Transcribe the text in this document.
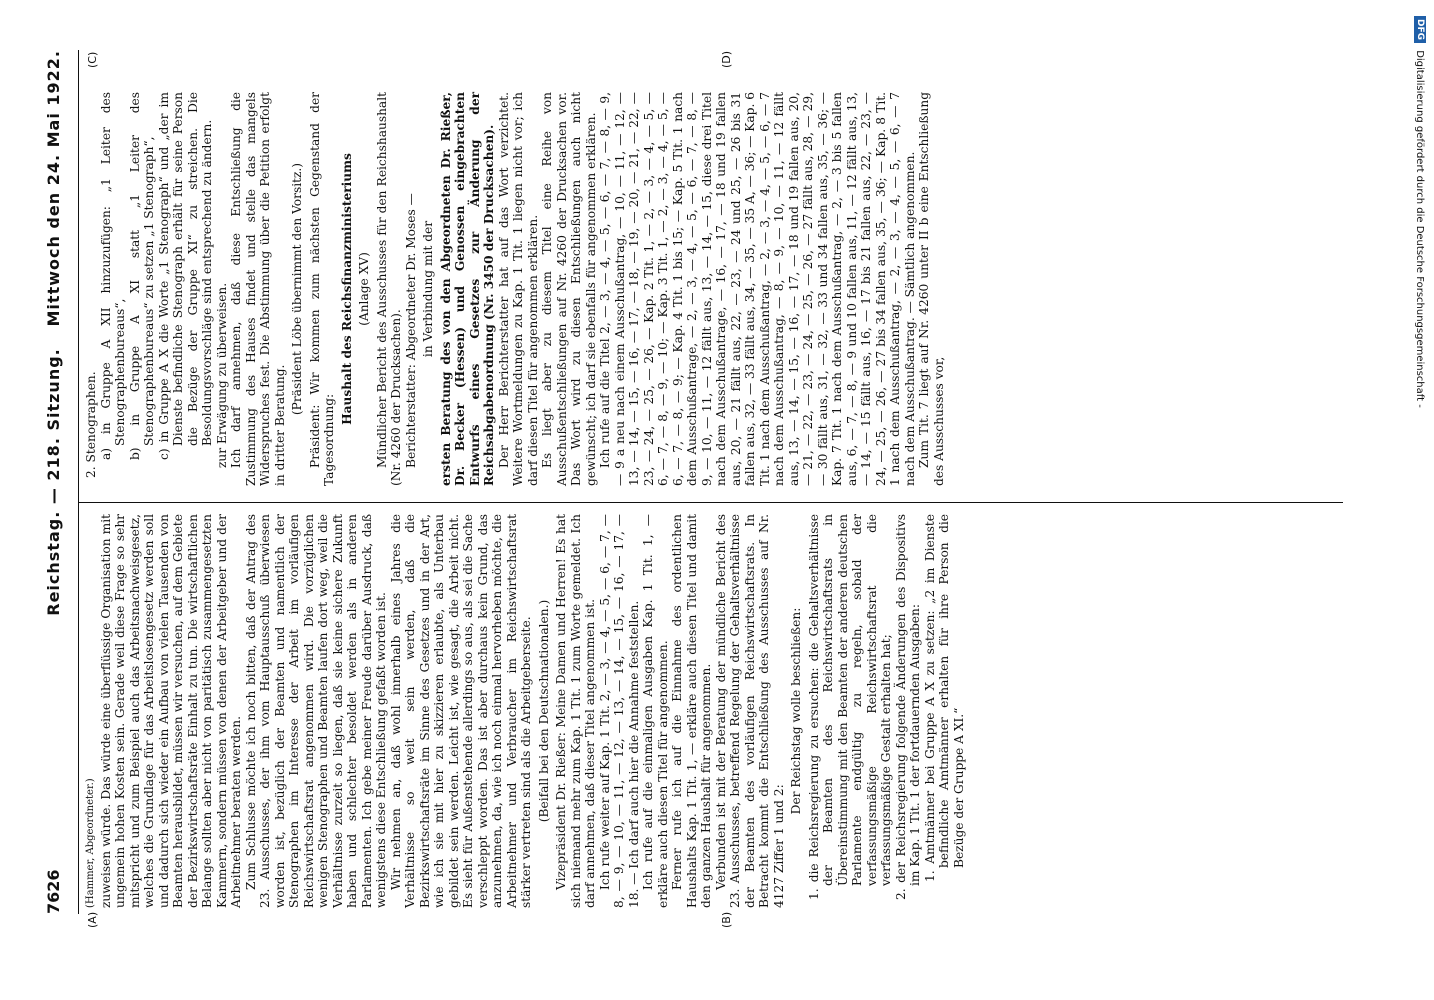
7626
Reichstag. — 218. Sitzung.
Mittwoch den 24. Mai 1922.
(A)	(B)
(C)	(D)

(Hammer, Abgeordneter.) zuweisen würde. Das würde eine überflüssige Organisation mit ungemein hohen Kosten sein. Gerade weil diese Frage so sehr mitspricht und zum Beispiel auch das Arbeitsnachweisgesetz, welches die Grundlage für das Arbeitslosengesetz werden soll und dadurch sich wieder ein Aufbau von vielen Tausenden von Beamten herausbildet, müssen wir versuchen, auf dem Gebiete der Bezirkswirtschaftsräte Einhalt zu tun. Die wirtschaftlichen Belange sollten aber nicht von paritätisch zusammengesetzten Kammern, sondern müssen von denen der Arbeitgeber und der Arbeitnehmer beraten werden. Zum Schlusse möchte ich noch bitten, daß der Antrag des 23. Ausschusses, der ihm vom Hauptausschuß überwiesen worden ist, bezüglich der Beamten und namentlich der Stenographen im Interesse der Arbeit im vorläufigen Reichswirtschaftsrat angenommen wird. Die vorzüglichen wenigen Stenographen und Beamten laufen dort weg, weil die Verhältnisse zurzeit so liegen, daß sie keine sichere Zukunft haben und schlechter besoldet werden als in anderen Parlamenten. Ich gebe meiner Freude darüber Ausdruck, daß wenigstens diese Entschließung gefaßt worden ist. Wir nehmen an, daß wohl innerhalb eines Jahres die Verhältnisse so weit sein werden, daß die Bezirkswirtschaftsräte im Sinne des Gesetzes und in der Art, wie ich sie mit hier zu skizzieren erlaubte, als Unterbau gebildet sein werden. Leicht ist, wie gesagt, die Arbeit nicht. Es sieht für Außenstehende allerdings so aus, als sei die Sache verschleppt worden. Das ist aber durchaus kein Grund, das anzunehmen, da, wie ich noch einmal hervorheben möchte, die Arbeitnehmer und Verbraucher im Reichswirtschaftsrat stärker vertreten sind als die Arbeitgeberseite. (Beifall bei den Deutschnationalen.) Vizepräsident Dr. Rießer: Meine Damen und Herren! Es hat sich niemand mehr zum Kap. 1 Tit. 1 zum Worte gemeldet. Ich darf annehmen, daß dieser Titel angenommen ist. Ich rufe weiter auf Kap. 1 Tit. 2, — 3, — 4, — 5, — 6, — 7, — 8, — 9, — 10, — 11, — 12, — 13, — 14, — 15, — 16, — 17, — 18. — Ich darf auch hier die Annahme feststellen. Ich rufe auf die einmaligen Ausgaben Kap. 1 Tit. 1, — erkläre auch diesen Titel für angenommen. Ferner rufe ich auf die Einnahme des ordentlichen Haushalts Kap. 1 Tit. 1, — erkläre auch diesen Titel und damit den ganzen Haushalt für angenommen. Verbunden ist mit der Beratung der mündliche Bericht des 23. Ausschusses, betreffend Regelung der Gehaltsverhältnisse der Beamten des vorläufigen Reichswirtschaftsrats. In Betracht kommt die Entschließung des Ausschusses auf Nr. 4127 Ziffer 1 und 2:

Der Reichstag wolle beschließen: 1. die Reichsregierung zu ersuchen: die Gehaltsverhältnisse der Beamten des Reichswirtschaftsrats in Übereinstimmung mit den Beamten der anderen deutschen Parlamente endgültig zu regeln, sobald der verfassungsmäßige Reichswirtschaftsrat die verfassungsmäßige Gestalt erhalten hat; 2. der Reichsregierung folgende Änderungen des Dispositivs im Kap. 1 Tit. 1 der fortdauernden Ausgaben: 1. Amtmänner bei Gruppe A X zu setzen: „2 im Dienste befindliche Amtmänner erhalten für ihre Person die Bezüge der Gruppe A XI.“

2. Stenographen. a) in Gruppe A XII hinzuzufügen: „1 Leiter des Stenographenbureaus“, b) in Gruppe A XI statt „1 Leiter des Stenographenbureaus“ zu setzen „1 Stenograph“, c) in Gruppe A X die Worte „1 Stenograph“ und „der im Dienste befindliche Stenograph erhält für seine Person die Bezüge der Gruppe XI“ zu streichen. Die Besoldungsvorschläge sind entsprechend zu ändern. zur Erwägung zu überweisen. Ich darf annehmen, daß diese Entschließung die Zustimmung des Hauses findet und stelle das mangels Widerspruches fest. Die Abstimmung über die Petition erfolgt in dritter Beratung.

(Präsident Löbe übernimmt den Vorsitz.) Präsident: Wir kommen zum nächsten Gegenstand der Tagesordnung:

Haushalt des Reichsfinanzministeriums (Anlage XV) Mündlicher Bericht des Ausschusses für den Reichshaushalt (Nr. 4260 der Drucksachen). Berichterstatter: Abgeordneter Dr. Moses — in Verbindung mit der ersten Beratung des von den Abgeordneten Dr. Rießer, Dr. Becker (Hessen) und Genossen eingebrachten Entwurfs eines Gesetzes zur Änderung der Reichsabgabenordnung (Nr. 3450 der Drucksachen). Der Herr Berichterstatter hat auf das Wort verzichtet. Weitere Wortmeldungen zu Kap. 1 Tit. 1 liegen nicht vor; ich darf diesen Titel für angenommen erklären. Es liegt aber zu diesem Titel eine Reihe von Ausschußentschließungen auf Nr. 4260 der Drucksachen vor. Das Wort wird zu diesen Entschließungen auch nicht gewünscht; ich darf sie ebenfalls für angenommen erklären. Ich rufe auf die Titel 2, — 3, — 4, — 5, — 6, — 7, — 8, — 9, — 9 a neu nach einem Ausschußantrag, — 10, — 11, — 12, — 13, — 14, — 15, — 16, — 17, — 18, — 19, — 20, — 21, — 22, — 23, — 24, — 25, — 26, — Kap. 2 Tit. 1, — 2, — 3, — 4, — 5, — 6, — 7, — 8, — 9, — 10; — Kap. 3 Tit. 1, — 2, — 3, — 4, — 5, — 6, — 7, — 8, — 9; — Kap. 4 Tit. 1 bis 15; — Kap. 5 Tit. 1 nach dem Ausschußantrage, — 2, — 3, — 4, — 5, — 6, — 7, — 8, — 9, — 10, — 11, — 12 fällt aus, 13, — 14, — 15, diese drei Titel nach dem Ausschußantrage, — 16, — 17, — 18 und 19 fallen aus, 20, — 21 fällt aus, 22, — 23, — 24 und 25, — 26 bis 31 fallen aus, 32, — 33 fällt aus, 34, — 35, — 35 A, — 36; — Kap. 6 Tit. 1 nach dem Ausschußantrag, — 2, — 3, — 4, — 5, — 6, — 7 nach dem Ausschußantrag, — 8, — 9, — 10, — 11, — 12 fällt aus, 13, — 14, — 15, — 16, — 17, — 18 und 19 fallen aus, 20, — 21, — 22, — 23, — 24, — 25, — 26, — 27 fällt aus, 28, — 29, — 30 fällt aus, 31, — 32, — 33 und 34 fallen aus, 35, — 36; — Kap. 7 Tit. 1 nach dem Ausschußantrag, — 2, — 3 bis 5 fallen aus, 6, — 7, — 8, — 9 und 10 fallen aus, 11, — 12 fällt aus, 13, — 14, — 15 fällt aus, 16, — 17 bis 21 fallen aus, 22, — 23, — 24, — 25, — 26, — 27 bis 34 fallen aus, 35, — 36; — Kap. 8 Tit. 1 nach dem Ausschußantrag, — 2, — 3, — 4, — 5, — 6, — 7 nach dem Ausschußantrag. — Sämtlich angenommen. Zum Tit. 7 liegt auf Nr. 4260 unter II b eine Entschließung des Ausschusses vor,

DFG Digitalisierung gefördert durch die Deutsche Forschungsgemeinschaft -
